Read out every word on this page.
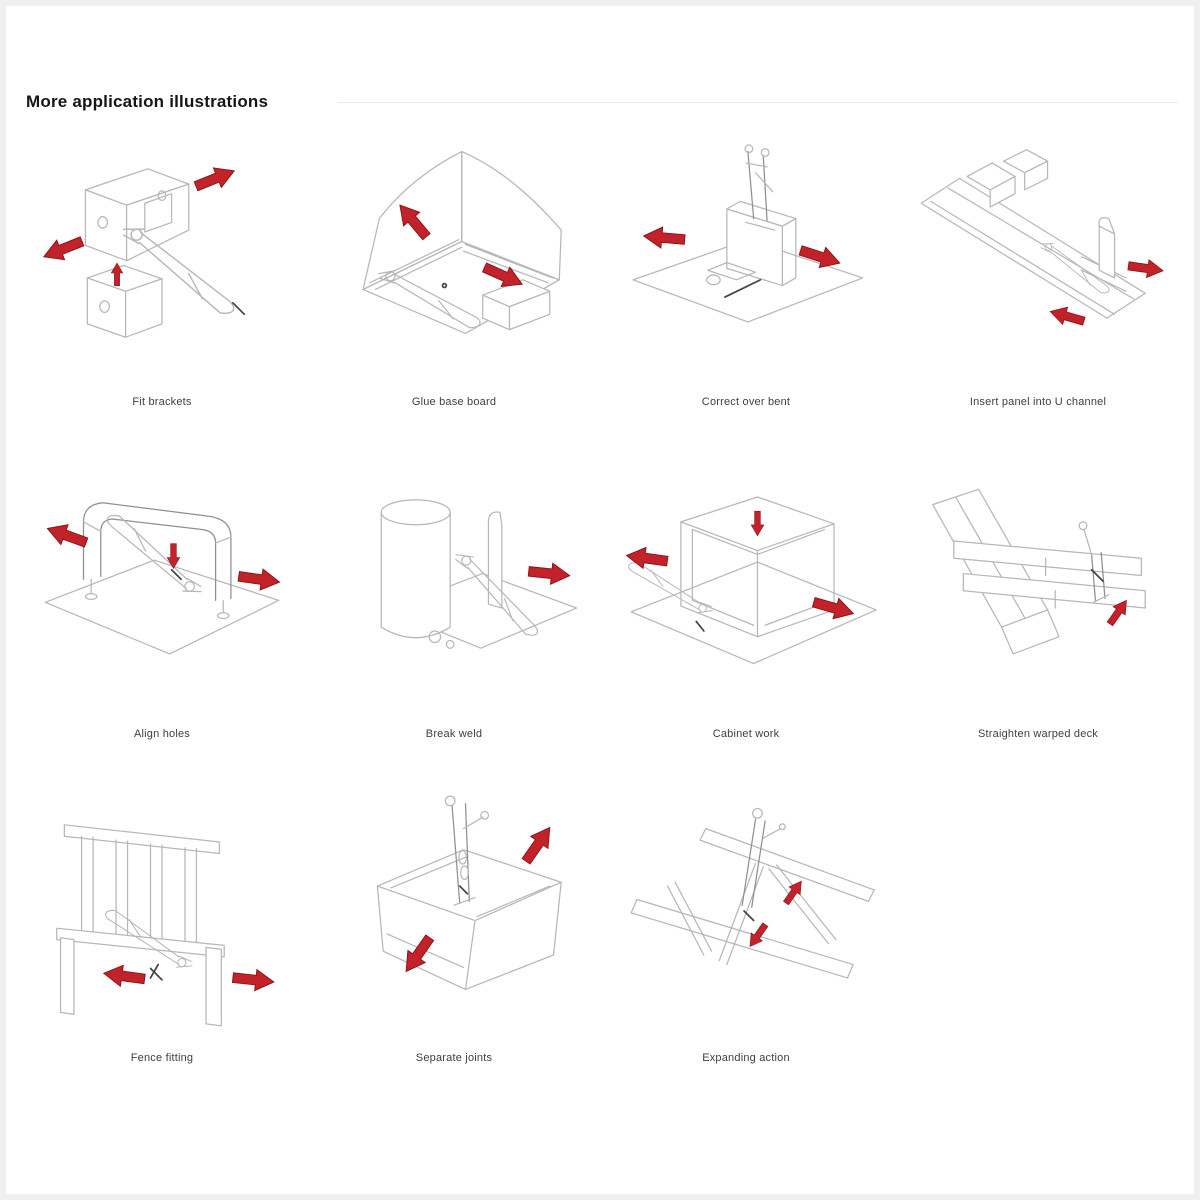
More application illustrations
Fit brackets	Glue base board	Correct over bent	Insert panel into U channel
Align holes	Break weld	Cabinet work	Straighten warped deck
Fence fitting	Separate joints	Expanding action
